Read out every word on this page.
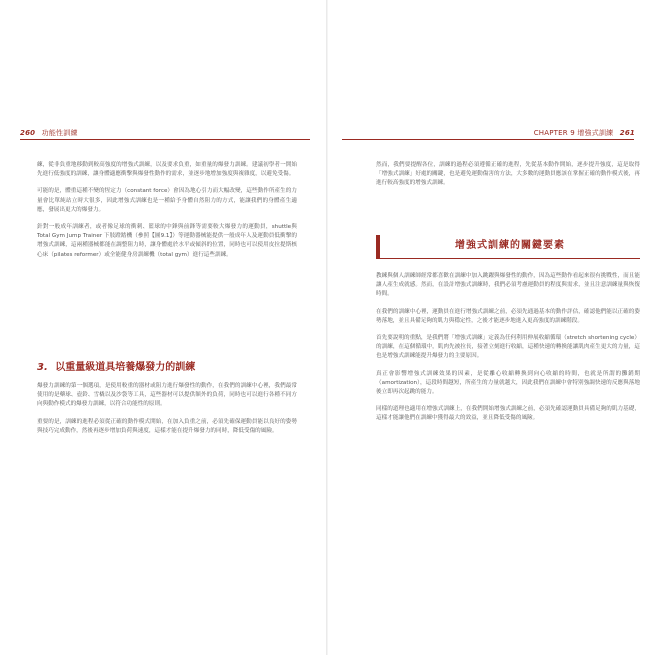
260 功能性訓練

練，從非負重地移動到較高強度的增強式訓練，以及要求負重，如重量的爆發力訓練。建議初學者一開始先進行低強度的訓練，讓身體適應衝擊與爆發性動作的需求，並逐步地增加強度與複雜度，以避免受傷。

可能的是，體重這種不變的恆定力（constant force）會因為地心引力而大幅改變，這些動作所產生的力量會比單純站立時大很多，因此增強式訓練也是一種給予身體自然阻力的方式，能讓我們的身體產生適應，發展出更大的爆發力。

針對一般成年訓練者，或者像足球的衝刺、籃球的中鋒與前鋒等需要較大爆發力的運動員，shuttle與Total Gym Jump Trainer 下肢蹬踏機（參照【圖9.1】）等運動器械能提供一般成年人及運動員低衝擊的增強式訓練，這兩種器械都能在調整阻力時，讓身體處於水平或傾斜的位置，同時也可以使用皮拉提斯核心床（pilates reformer）或全能健身房訓練機（total gym）進行這些訓練。

3. 以重量級道具培養爆發力的訓練

爆發力訓練的第一個選項，是使用較重的器材或阻力進行爆發性的動作，在我們的訓練中心裡，我們最常使用的是藥球、壺鈴、雪橇以及沙袋等工具，這些器材可以提供額外的負荷，同時也可以進行各種不同方向與動作模式的爆發力訓練，以符合功能性的原則。

重要的是，訓練的進程必須從正確的動作模式開始，在加入負重之前，必須先確保運動員能以良好的姿勢與技巧完成動作，然後再逐步增加負荷與速度，這樣才能在提升爆發力的同時，降低受傷的風險。

CHAPTER 9 增強式訓練 261

然而，我們要提醒各位，訓練的過程必須遵循正確的進程，先從基本動作開始，逐步提升強度，這是取得「增強式訓練」好處的關鍵，也是避免運動傷害的方法，大多數的運動員應該在掌握正確的動作模式後，再進行較高強度的增強式訓練。

增強式訓練的關鍵要素

教練與個人訓練師經常都喜歡在訓練中加入跳躍與爆發性的動作，因為這些動作看起來很有挑戰性，而且能讓人產生成就感。然而，在設計增強式訓練時，我們必須考慮運動員的程度與需求，並且注意訓練量與恢復時間。

在我們的訓練中心裡，運動員在進行增強式訓練之前，必須先通過基本的動作評估，確認他們能以正確的姿勢落地，並且具備足夠的肌力與穩定性，之後才能逐步地進入更高強度的訓練階段。

首先要說明的重點，是我們將「增強式訓練」定義為任何利用伸展收縮循環（stretch shortening cycle）的訓練，在這個循環中，肌肉先被拉長，接著立刻進行收縮，這種快速的轉換能讓肌肉產生更大的力量，這也是增強式訓練能提升爆發力的主要原因。

真正會影響增強式訓練效果的因素，是從離心收縮轉換到向心收縮的時間，也就是所謂的攤銷期（amortization），這段時間越短，所產生的力量就越大，因此我們在訓練中會特別強調快速的反應與落地後立即再次起跳的能力。

同樣的道理也適用在增強式訓練上，在我們開始增強式訓練之前，必須先確認運動員具備足夠的肌力基礎，這樣才能讓他們在訓練中獲得最大的效益，並且降低受傷的風險。
